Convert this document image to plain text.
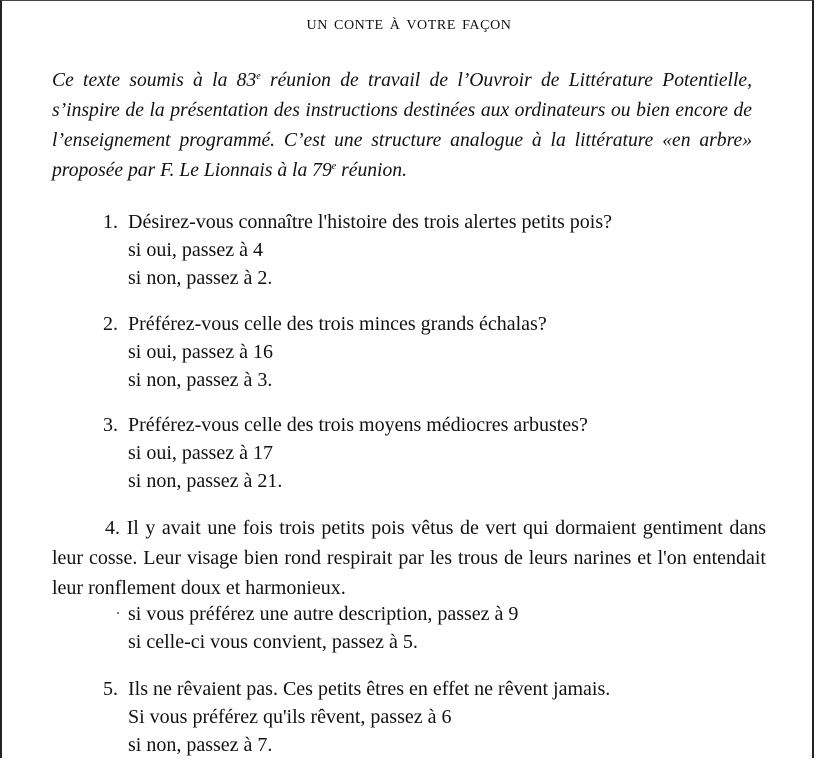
UN CONTE À VOTRE FAÇON

Ce texte soumis à la 83e réunion de travail de l’Ouvroir de Littérature Potentielle, s’inspire de la présentation des instructions destinées aux ordinateurs ou bien encore de l’enseignement programmé. C’est une structure analogue à la littérature «en arbre» proposée par F. Le Lionnais à la 79e réunion.

1. Désirez-vous connaître l'histoire des trois alertes petits pois?
si oui, passez à 4
si non, passez à 2.
2. Préférez-vous celle des trois minces grands échalas?
si oui, passez à 16
si non, passez à 3.
3. Préférez-vous celle des trois moyens médiocres arbustes?
si oui, passez à 17
si non, passez à 21.

4. Il y avait une fois trois petits pois vêtus de vert qui dormaient gentiment dans leur cosse. Leur visage bien rond respirait par les trous de leurs narines et l'on entendait leur ronflement doux et harmonieux.

si vous préférez une autre description, passez à 9
si celle-ci vous convient, passez à 5.
5. Ils ne rêvaient pas. Ces petits êtres en effet ne rêvent jamais.
Si vous préférez qu'ils rêvent, passez à 6
si non, passez à 7.
